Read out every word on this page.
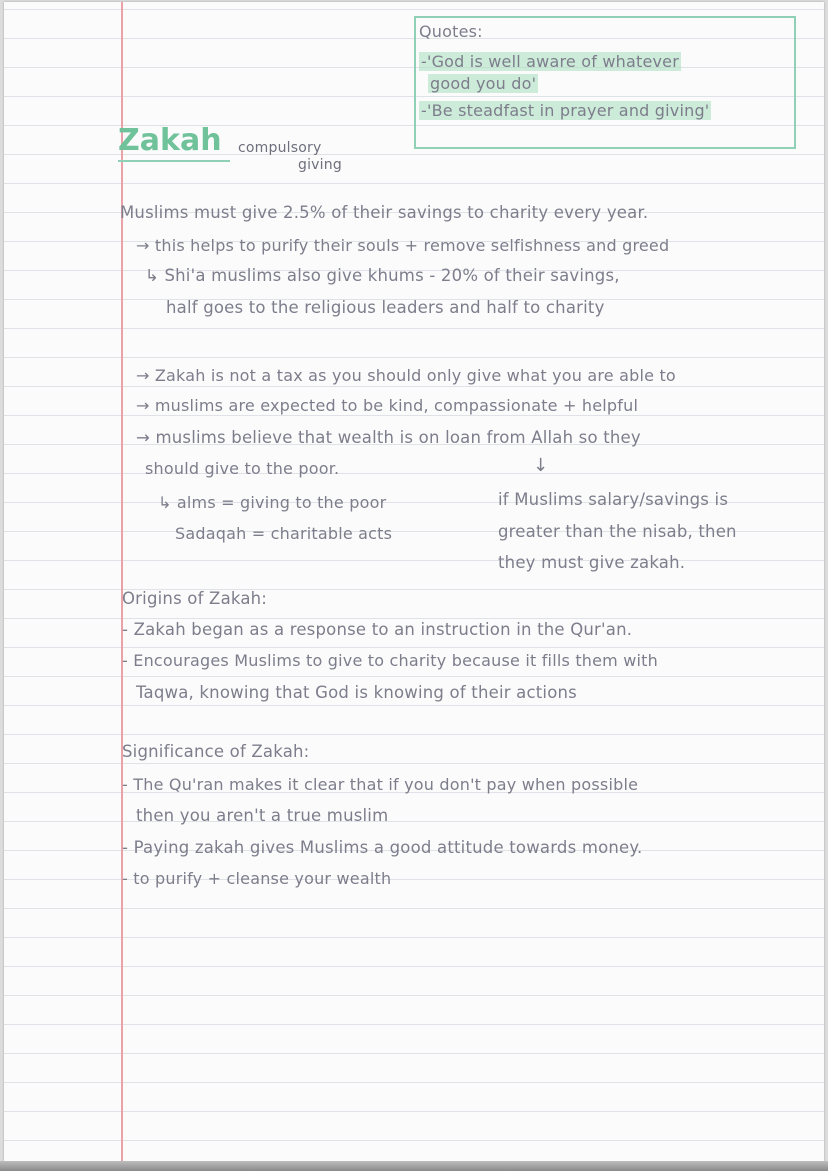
Quotes:
-'God is well aware of whatever
good you do'
-'Be steadfast in prayer and giving'
Zakah compulsory
giving
Muslims must give 2.5% of their savings to charity every year.
→ this helps to purify their souls + remove selfishness and greed
↳ Shi'a muslims also give khums - 20% of their savings,
half goes to the religious leaders and half to charity
→ Zakah is not a tax as you should only give what you are able to
→ muslims are expected to be kind, compassionate + helpful
→ muslims believe that wealth is on loan from Allah so they
should give to the poor.	↓
↳ alms = giving to the poor
Sadaqah = charitable acts
if Muslims salary/savings is
greater than the nisab, then
they must give zakah.
Origins of Zakah:
- Zakah began as a response to an instruction in the Qur'an.
- Encourages Muslims to give to charity because it fills them with
Taqwa, knowing that God is knowing of their actions
Significance of Zakah:
- The Qu'ran makes it clear that if you don't pay when possible
then you aren't a true muslim
- Paying zakah gives Muslims a good attitude towards money.
- to purify + cleanse your wealth
